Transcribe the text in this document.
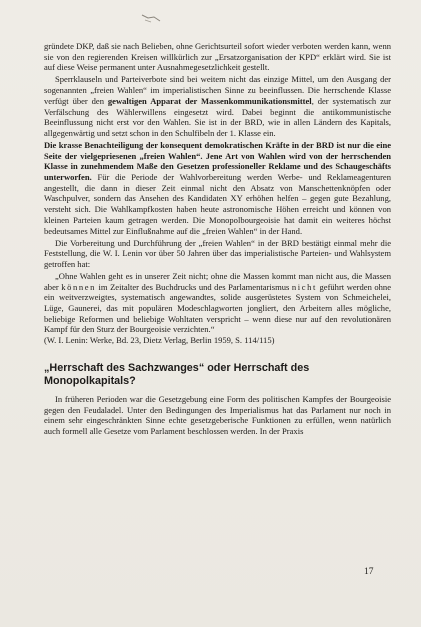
gründete DKP, daß sie nach Belieben, ohne Gerichtsurteil sofort wieder verboten werden kann, wenn sie von den regierenden Kreisen willkürlich zur „Ersatzorganisation der KPD“ erklärt wird. Sie ist auf diese Weise permanent unter Ausnahmegesetzlichkeit gestellt.

Sperrklauseln und Parteiverbote sind bei weitem nicht das einzige Mittel, um den Ausgang der sogenannten „freien Wahlen“ im imperialistischen Sinne zu beeinflussen. Die herrschende Klasse verfügt über den gewaltigen Apparat der Massenkommunikationsmittel, der systematisch zur Verfälschung des Wählerwillens eingesetzt wird. Dabei beginnt die antikommunistische Beeinflussung nicht erst vor den Wahlen. Sie ist in der BRD, wie in allen Ländern des Kapitals, allgegenwärtig und setzt schon in den Schulfibeln der 1. Klasse ein.

Die krasse Benachteiligung der konsequent demokratischen Kräfte in der BRD ist nur die eine Seite der vielgepriesenen „freien Wahlen“. Jene Art von Wahlen wird von der herrschenden Klasse in zunehmendem Maße den Gesetzen professioneller Reklame und des Schaugeschäfts unterworfen. Für die Periode der Wahlvorbereitung werden Werbe- und Reklameagenturen angestellt, die dann in dieser Zeit einmal nicht den Absatz von Manschettenknöpfen oder Waschpulver, sondern das Ansehen des Kandidaten XY erhöhen helfen – gegen gute Bezahlung, versteht sich. Die Wahlkampfkosten haben heute astronomische Höhen erreicht und können von kleinen Parteien kaum getragen werden. Die Monopolbourgeoisie hat damit ein weiteres höchst bedeutsames Mittel zur Einflußnahme auf die „freien Wahlen“ in der Hand.

Die Vorbereitung und Durchführung der „freien Wahlen“ in der BRD bestätigt einmal mehr die Feststellung, die W. I. Lenin vor über 50 Jahren über das imperialistische Parteien- und Wahlsystem getroffen hat:

„Ohne Wahlen geht es in unserer Zeit nicht; ohne die Massen kommt man nicht aus, die Massen aber können im Zeitalter des Buchdrucks und des Parlamentarismus nicht geführt werden ohne ein weitverzweigtes, systematisch angewandtes, solide ausgerüstetes System von Schmeichelei, Lüge, Gaunerei, das mit populären Modeschlagworten jongliert, den Arbeitern alles mögliche, beliebige Reformen und beliebige Wohltaten verspricht – wenn diese nur auf den revolutionären Kampf für den Sturz der Bourgeoisie verzichten.“
(W. I. Lenin: Werke, Bd. 23, Dietz Verlag, Berlin 1959, S. 114/115)

„Herrschaft des Sachzwanges“ oder Herrschaft des Monopolkapitals?

In früheren Perioden war die Gesetzgebung eine Form des politischen Kampfes der Bourgeoisie gegen den Feudaladel. Unter den Bedingungen des Imperialismus hat das Parlament nur noch in einem sehr eingeschränkten Sinne echte gesetzgeberische Funktionen zu erfüllen, wenn natürlich auch formell alle Gesetze vom Parlament beschlossen werden. In der Praxis

17
